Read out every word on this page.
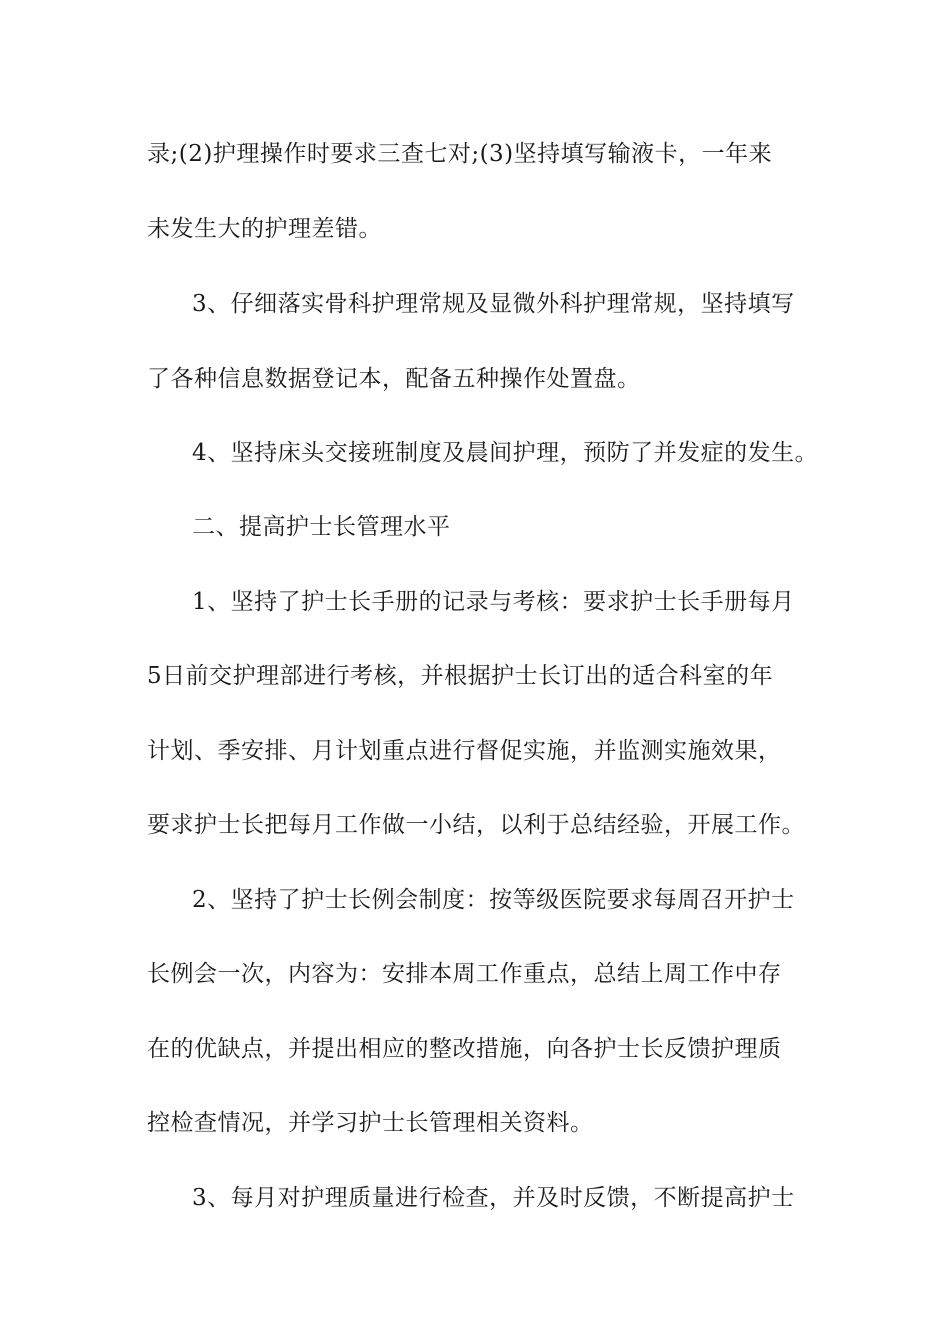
录;(2)护理操作时要求三查七对;(3)坚持填写输液卡，一年来
未发生大的护理差错。
3、仔细落实骨科护理常规及显微外科护理常规，坚持填写
了各种信息数据登记本，配备五种操作处置盘。
4、坚持床头交接班制度及晨间护理，预防了并发症的发生。
二、提高护士长管理水平
1、坚持了护士长手册的记录与考核：要求护士长手册每月
5日前交护理部进行考核，并根据护士长订出的适合科室的年
计划、季安排、月计划重点进行督促实施，并监测实施效果，
要求护士长把每月工作做一小结，以利于总结经验，开展工作。
2、坚持了护士长例会制度：按等级医院要求每周召开护士
长例会一次，内容为：安排本周工作重点，总结上周工作中存
在的优缺点，并提出相应的整改措施，向各护士长反馈护理质
控检查情况，并学习护士长管理相关资料。
3、每月对护理质量进行检查，并及时反馈，不断提高护士
